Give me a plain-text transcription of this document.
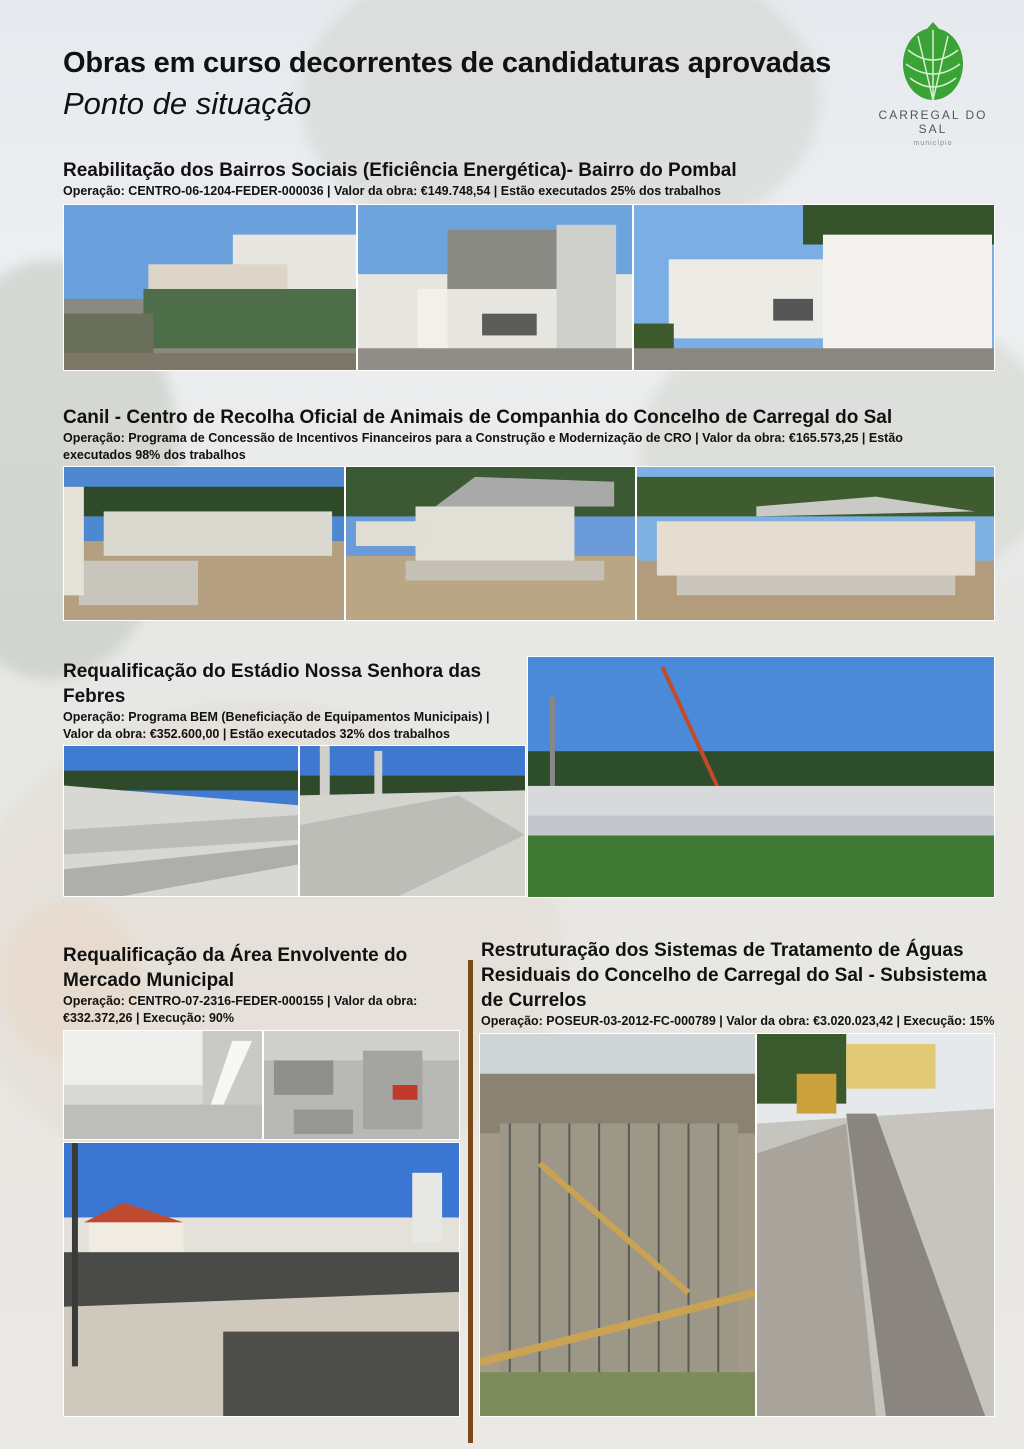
Obras em curso decorrentes de candidaturas aprovadas
Ponto de situação	CARREGAL DO SAL
município
Reabilitação dos Bairros Sociais (Eficiência Energética)- Bairro do Pombal
Operação: CENTRO-06-1204-FEDER-000036 | Valor da obra: €149.748,54 | Estão executados 25% dos trabalhos
Canil - Centro de Recolha Oficial de Animais de Companhia do Concelho de Carregal do Sal
Operação: Programa de Concessão de Incentivos Financeiros para a Construção e Modernização de CRO | Valor da obra: €165.573,25 | Estão executados 98% dos trabalhos
Requalificação do Estádio Nossa Senhora das Febres
Operação: Programa BEM (Beneficiação de Equipamentos Municipais) | Valor da obra: €352.600,00 | Estão executados 32% dos trabalhos
Requalificação da Área Envolvente do Mercado Municipal
Operação: CENTRO-07-2316-FEDER-000155 | Valor da obra: €332.372,26 | Execução: 90%
Restruturação dos Sistemas de Tratamento de Águas Residuais do Concelho de Carregal do Sal - Subsistema de Currelos
Operação: POSEUR-03-2012-FC-000789 | Valor da obra: €3.020.023,42 | Execução: 15%
